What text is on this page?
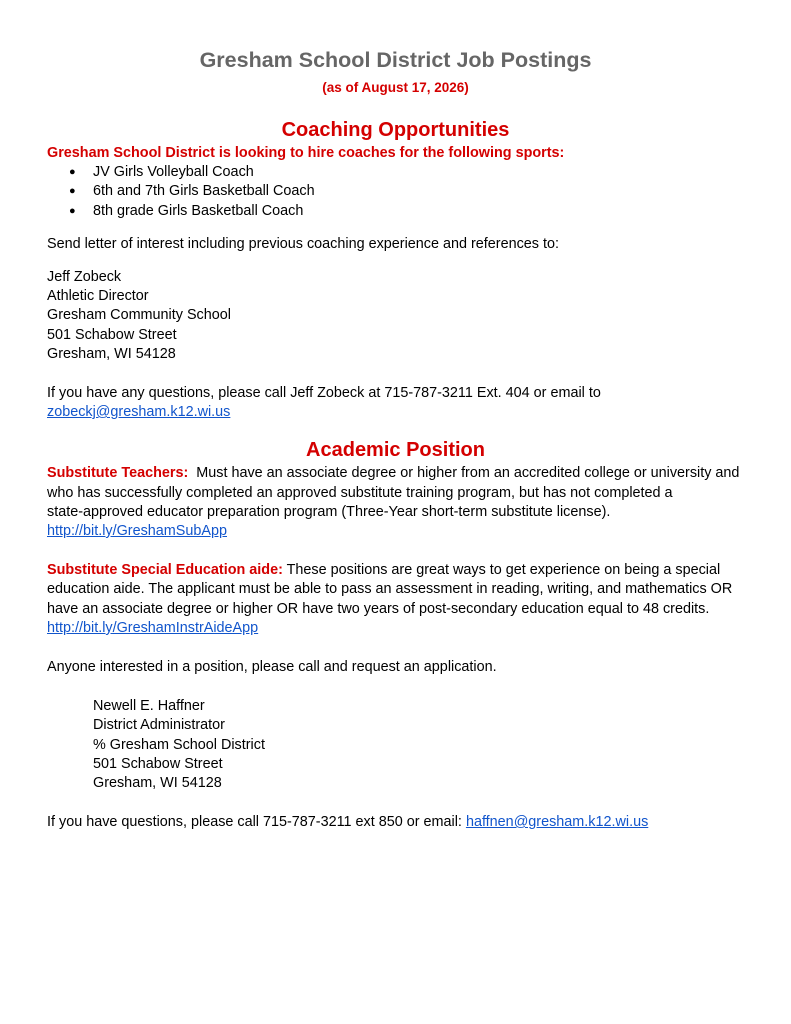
Gresham School District Job Postings
(as of August 17, 2026)
Coaching Opportunities
Gresham School District is looking to hire coaches for the following sports:
● JV Girls Volleyball Coach
● 6th and 7th Girls Basketball Coach
● 8th grade Girls Basketball Coach
Send letter of interest including previous coaching experience and references to:
Jeff Zobeck
Athletic Director
Gresham Community School
501 Schabow Street
Gresham, WI 54128
If you have any questions, please call Jeff Zobeck at 715-787-3211 Ext. 404 or email to
zobeckj@gresham.k12.wi.us
Academic Position
Substitute Teachers:  Must have an associate degree or higher from an accredited college or university and
who has successfully completed an approved substitute training program, but has not completed a
state-approved educator preparation program (Three-Year short-term substitute license).
http://bit.ly/GreshamSubApp
Substitute Special Education aide: These positions are great ways to get experience on being a special
education aide. The applicant must be able to pass an assessment in reading, writing, and mathematics OR
have an associate degree or higher OR have two years of post-secondary education equal to 48 credits.
http://bit.ly/GreshamInstrAideApp
Anyone interested in a position, please call and request an application.
Newell E. Haffner
District Administrator
% Gresham School District
501 Schabow Street
Gresham, WI 54128
If you have questions, please call 715-787-3211 ext 850 or email: haffnen@gresham.k12.wi.us
